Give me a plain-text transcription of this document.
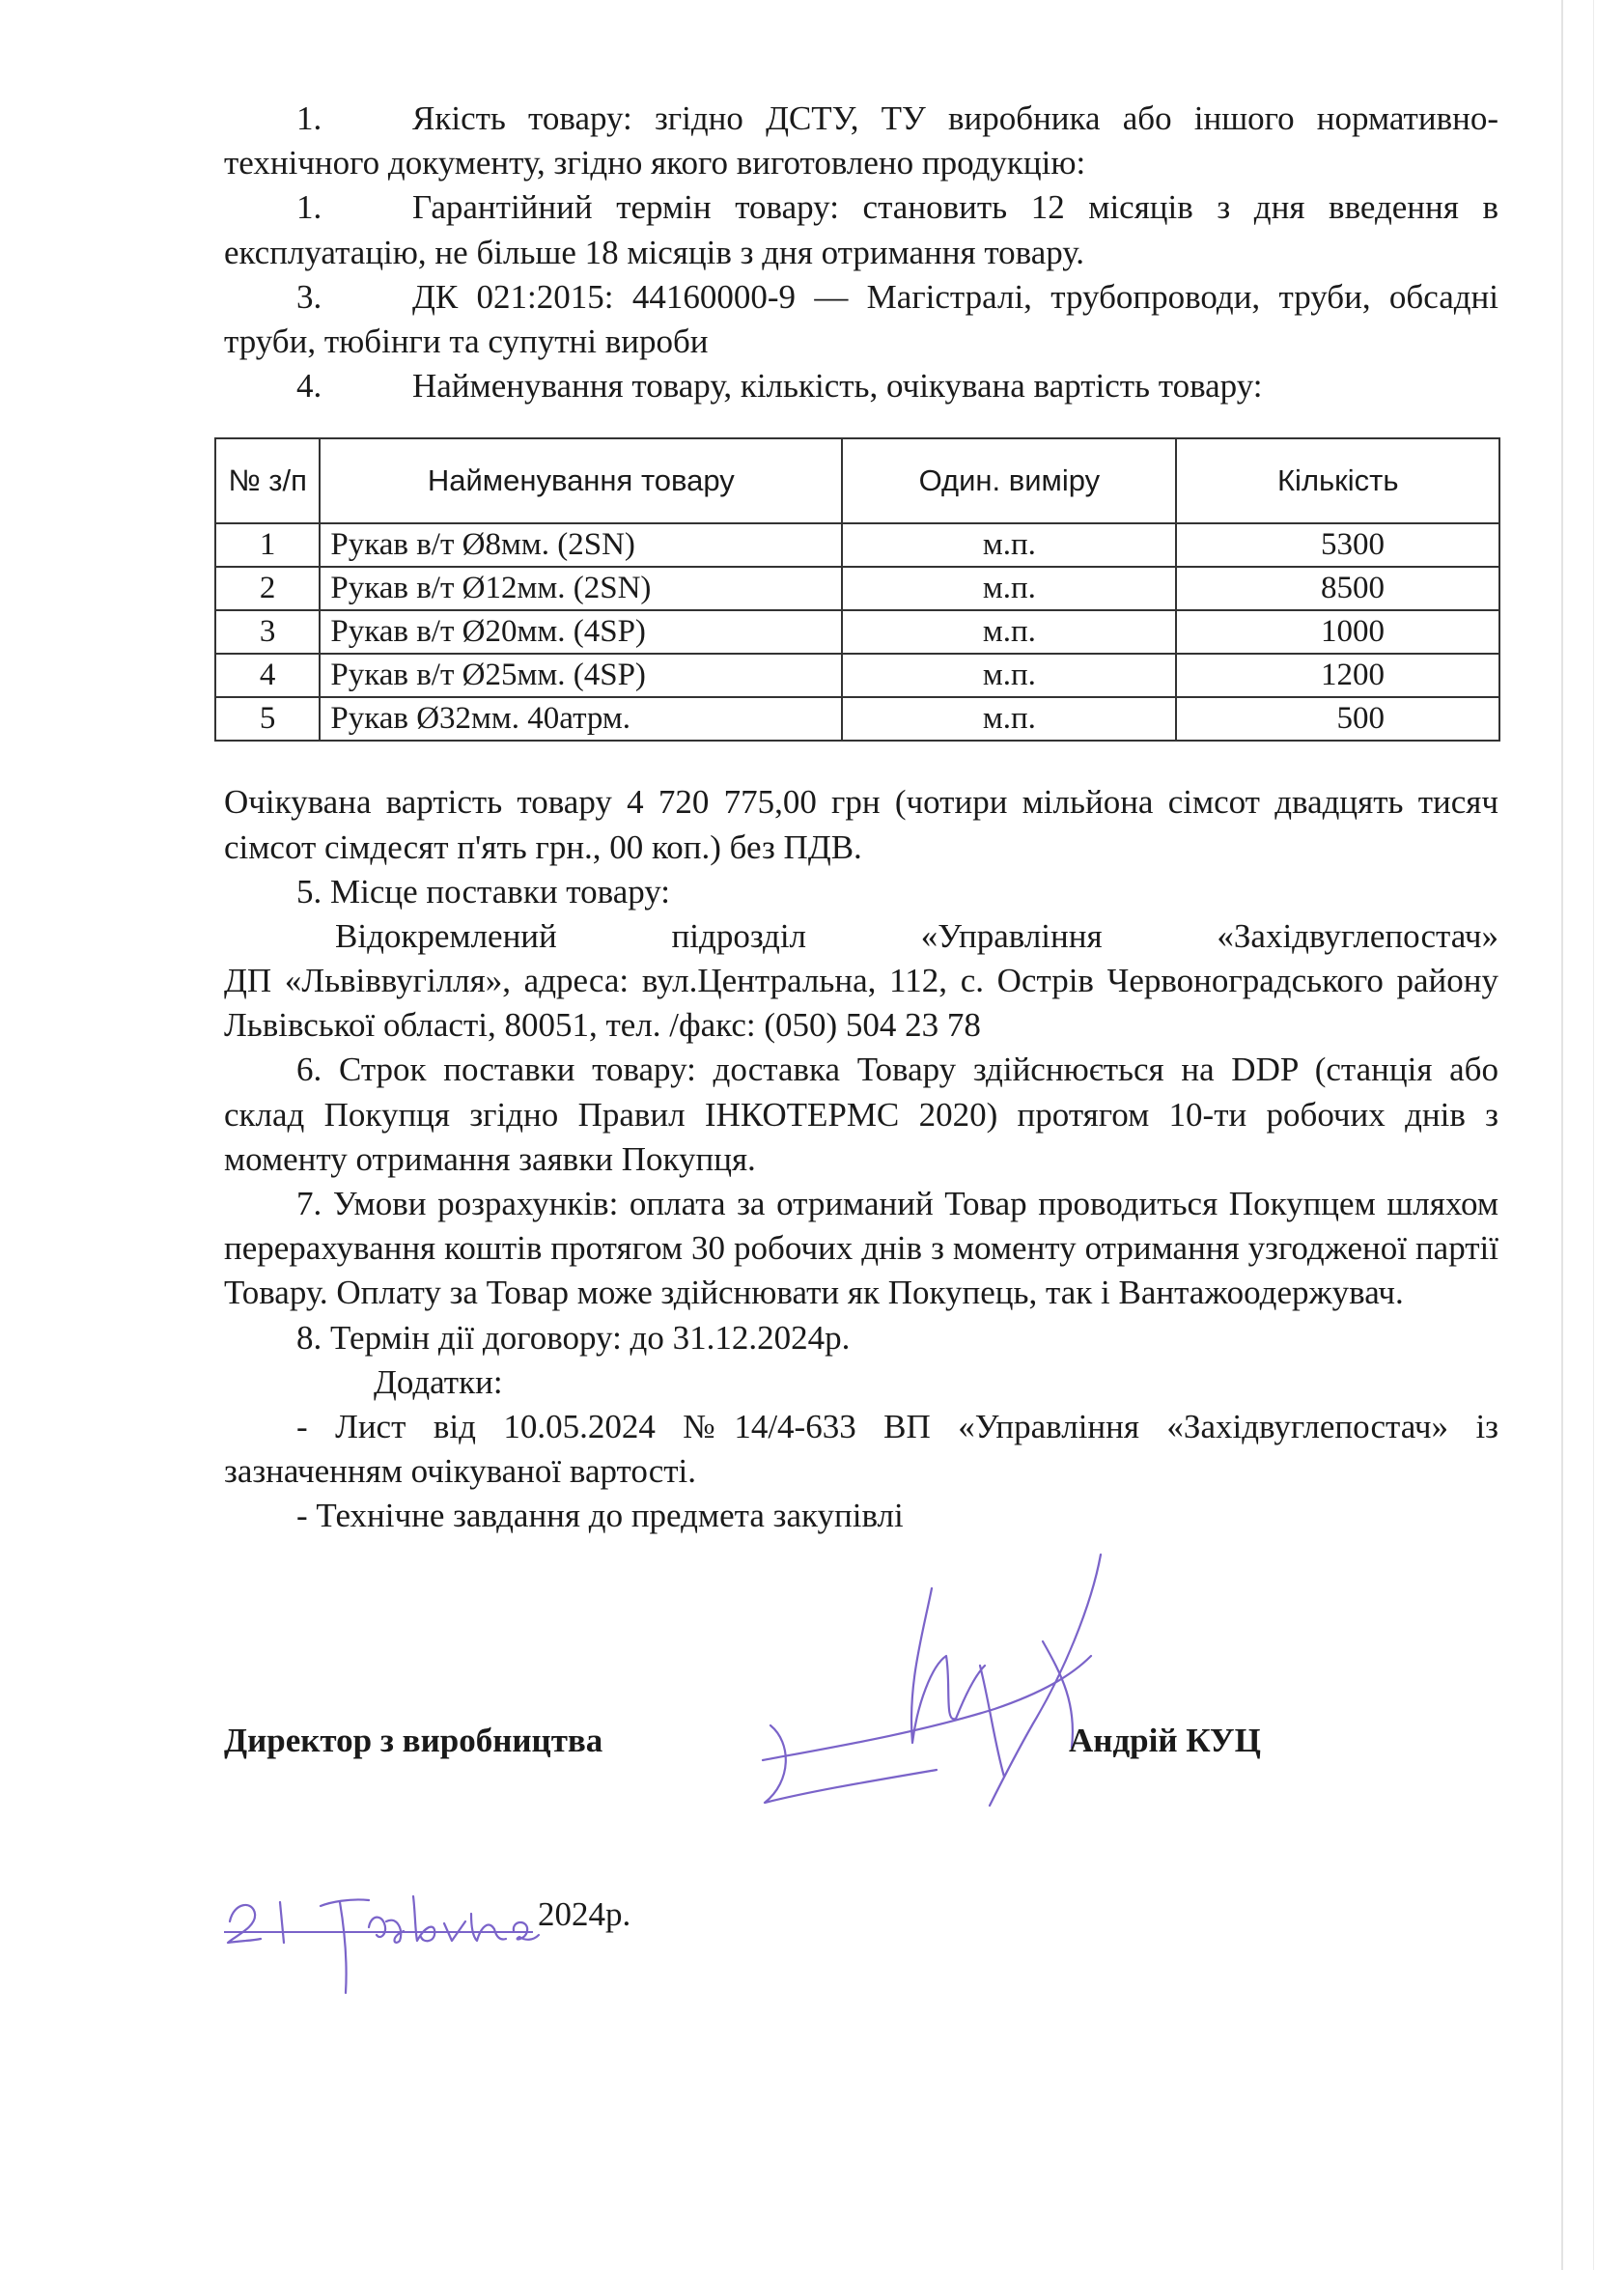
1.	Якість товару: згідно ДСТУ, ТУ виробника або іншого нормативно-технічного документу, згідно якого виготовлено продукцію:

1.	Гарантійний термін товару: становить 12 місяців з дня введення в експлуатацію, не більше 18 місяців з дня отримання товару.

3.	ДК 021:2015: 44160000-9 — Магістралі, трубопроводи, труби, обсадні труби, тюбінги та супутні вироби

4.	Найменування товару, кількість, очікувана вартість товару:

№ з/п	Найменування товару	Один. виміру	Кількість
1	Рукав в/т Ø8мм. (2SN)	м.п.	5300
2	Рукав в/т Ø12мм. (2SN)	м.п.	8500
3	Рукав в/т Ø20мм. (4SP)	м.п.	1000
4	Рукав в/т Ø25мм. (4SP)	м.п.	1200
5	Рукав Ø32мм. 40атрм.	м.п.	500

Очікувана вартість товару 4 720 775,00 грн (чотири мільйона сімсот двадцять тисяч сімсот сімдесят п'ять грн., 00 коп.) без ПДВ.

5. Місце поставки товару:

Відокремлений підрозділ «Управління «Західвуглепостач»

ДП «Львіввугілля», адреса: вул.Центральна, 112, с. Острів Червоноградського району Львівської області, 80051, тел. /факс: (050) 504 23 78

6. Строк поставки товару: доставка Товару здійснюється на DDP (станція або склад Покупця згідно Правил ІНКОТЕРМС 2020) протягом 10-ти робочих днів з моменту отримання заявки Покупця.

7. Умови розрахунків: оплата за отриманий Товар проводиться Покупцем шляхом перерахування коштів протягом 30 робочих днів з моменту отримання узгодженої партії Товару. Оплату за Товар може здійснювати як Покупець, так і Вантажоодержувач.

8. Термін дії договору: до 31.12.2024р.

Додатки:

- Лист від 10.05.2024 №14/4-633 ВП «Управління «Західвуглепостач» із зазначенням очікуваної вартості.

- Технічне завдання до предмета закупівлі

Директор з виробництва	Андрій КУЦ
2024р.
